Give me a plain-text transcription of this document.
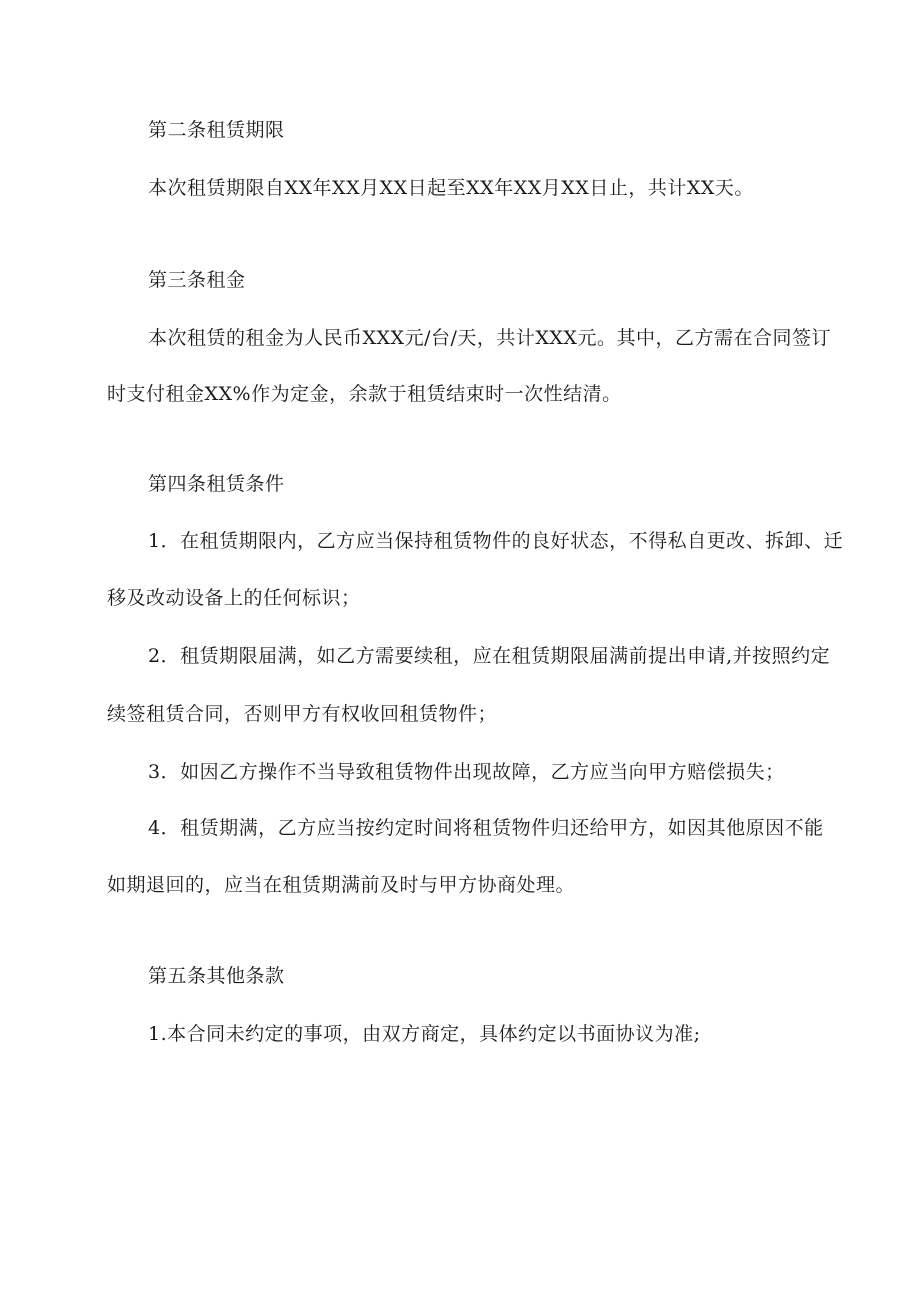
第二条租赁期限
本次租赁期限自XX年XX月XX日起至XX年XX月XX日止，共计XX天。
第三条租金
本次租赁的租金为人民币XXX元/台/天，共计XXX元。其中，乙方需在合同签订
时支付租金XX%作为定金，余款于租赁结束时一次性结清。
第四条租赁条件
1．在租赁期限内，乙方应当保持租赁物件的良好状态，不得私自更改、拆卸、迁
移及改动设备上的任何标识；
2．租赁期限届满，如乙方需要续租，应在租赁期限届满前提出申请,并按照约定
续签租赁合同，否则甲方有权收回租赁物件；
3．如因乙方操作不当导致租赁物件出现故障，乙方应当向甲方赔偿损失；
4．租赁期满，乙方应当按约定时间将租赁物件归还给甲方，如因其他原因不能
如期退回的，应当在租赁期满前及时与甲方协商处理。
第五条其他条款
1.本合同未约定的事项，由双方商定，具体约定以书面协议为准;
